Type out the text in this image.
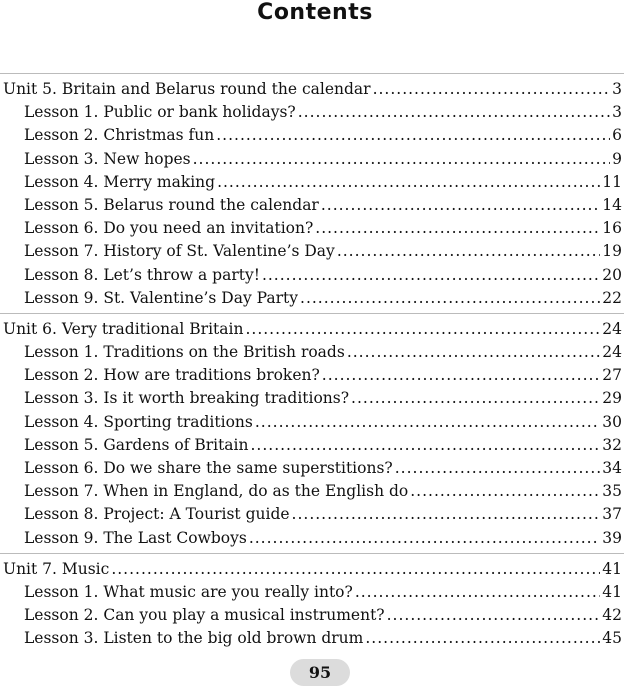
Contents
Unit 5. Britain and Belarus round the calendar .....	3
Lesson 1. Public or bank holidays? .....	3
Lesson 2. Christmas fun .....	6
Lesson 3. New hopes .....	9
Lesson 4. Merry making .....	11
Lesson 5. Belarus round the calendar .....	14
Lesson 6. Do you need an invitation? .....	16
Lesson 7. History of St. Valentine’s Day .....	19
Lesson 8. Let’s throw a party! .....	20
Lesson 9. St. Valentine’s Day Party .....	22
Unit 6. Very traditional Britain .....	24
Lesson 1. Traditions on the British roads .....	24
Lesson 2. How are traditions broken? .....	27
Lesson 3. Is it worth breaking traditions? .....	29
Lesson 4. Sporting traditions .....	30
Lesson 5. Gardens of Britain .....	32
Lesson 6. Do we share the same superstitions? .....	34
Lesson 7. When in England, do as the English do .....	35
Lesson 8. Project: A Tourist guide .....	37
Lesson 9. The Last Cowboys .....	39
Unit 7. Music .....	41
Lesson 1. What music are you really into? .....	41
Lesson 2. Can you play a musical instrument? .....	42
Lesson 3. Listen to the big old brown drum .....	45
95
